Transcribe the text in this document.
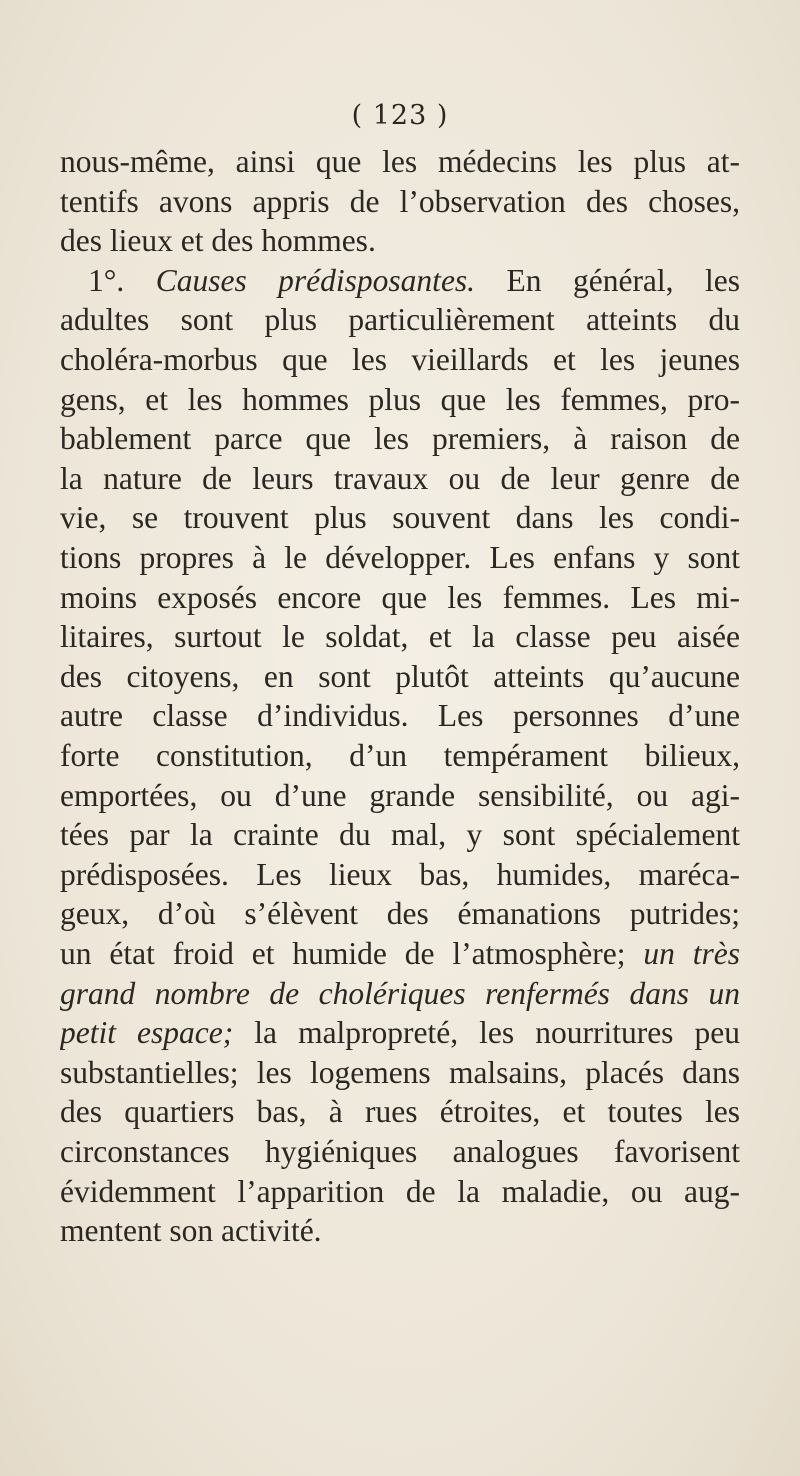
( 123 )
nous-même, ainsi que les médecins les plus at-
tentifs avons appris de l’observation des choses,
des lieux et des hommes.
1°. Causes prédisposantes. En général, les
adultes sont plus particulièrement atteints du
choléra-morbus que les vieillards et les jeunes
gens, et les hommes plus que les femmes, pro-
bablement parce que les premiers, à raison de
la nature de leurs travaux ou de leur genre de
vie, se trouvent plus souvent dans les condi-
tions propres à le développer. Les enfans y sont
moins exposés encore que les femmes. Les mi-
litaires, surtout le soldat, et la classe peu aisée
des citoyens, en sont plutôt atteints qu’aucune
autre classe d’individus. Les personnes d’une
forte constitution, d’un tempérament bilieux,
emportées, ou d’une grande sensibilité, ou agi-
tées par la crainte du mal, y sont spécialement
prédisposées. Les lieux bas, humides, maréca-
geux, d’où s’élèvent des émanations putrides;
un état froid et humide de l’atmosphère; un très
grand nombre de cholériques renfermés dans un
petit espace; la malpropreté, les nourritures peu
substantielles; les logemens malsains, placés dans
des quartiers bas, à rues étroites, et toutes les
circonstances hygiéniques analogues favorisent
évidemment l’apparition de la maladie, ou aug-
mentent son activité.
